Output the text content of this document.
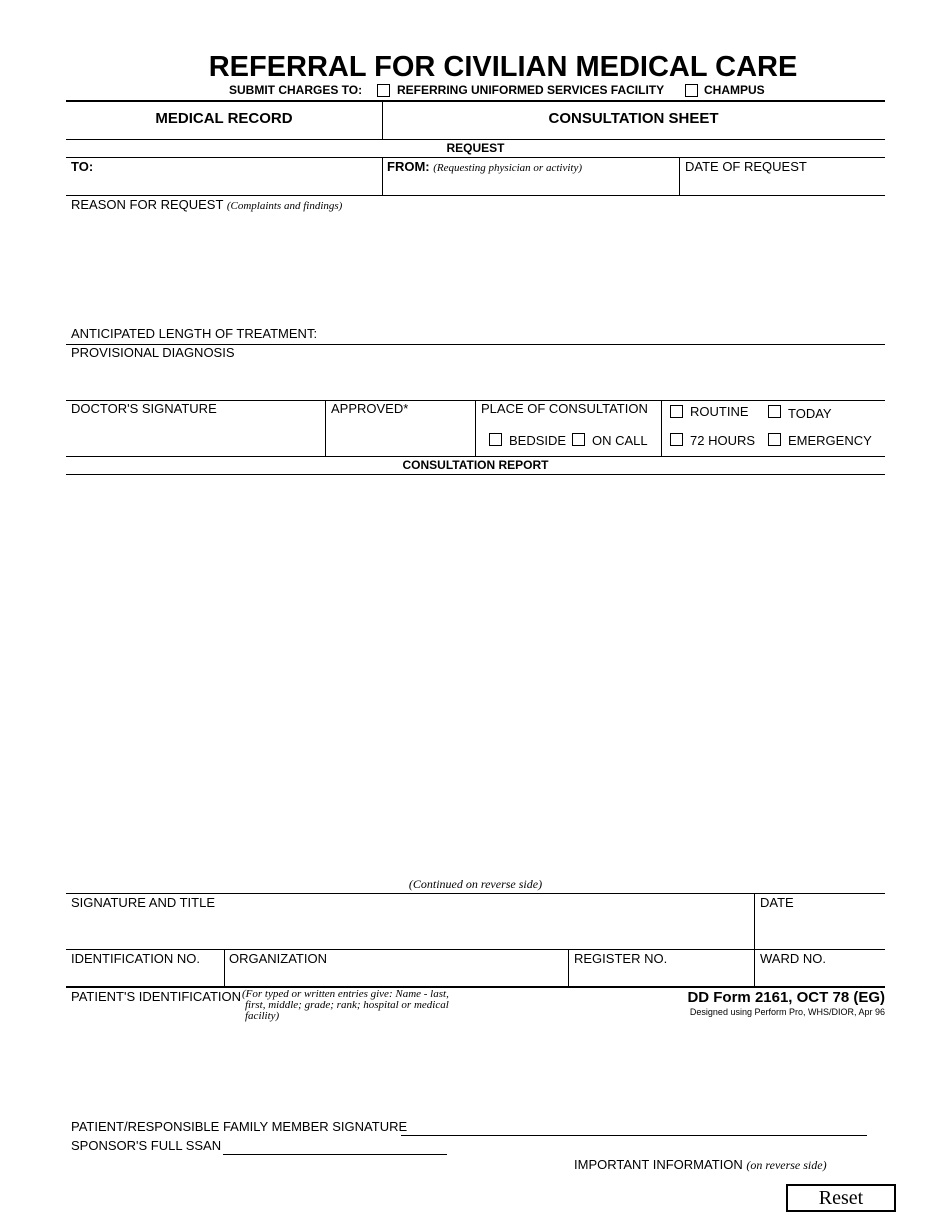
REFERRAL FOR CIVILIAN MEDICAL CARE
SUBMIT CHARGES TO:	REFERRING UNIFORMED SERVICES FACILITY	CHAMPUS
MEDICAL RECORD	CONSULTATION SHEET
REQUEST
TO:	FROM: (Requesting physician or activity)	DATE OF REQUEST
REASON FOR REQUEST (Complaints and findings)
ANTICIPATED LENGTH OF TREATMENT:
PROVISIONAL DIAGNOSIS
DOCTOR'S SIGNATURE	APPROVED*	PLACE OF CONSULTATION
BEDSIDE ON CALL
ROUTINE	TODAY
72 HOURS	EMERGENCY
CONSULTATION REPORT
(Continued on reverse side)
SIGNATURE AND TITLE	DATE
IDENTIFICATION NO. ORGANIZATION	REGISTER NO.	WARD NO.
PATIENT'S IDENTIFICATION (For typed or written entries give: Name - last,
first, middle; grade; rank; hospital or medical
facility)
DD Form 2161, OCT 78 (EG)
Designed using Perform Pro, WHS/DIOR, Apr 96
PATIENT/RESPONSIBLE FAMILY MEMBER SIGNATURE
SPONSOR'S FULL SSAN
IMPORTANT INFORMATION (on reverse side)
Reset
